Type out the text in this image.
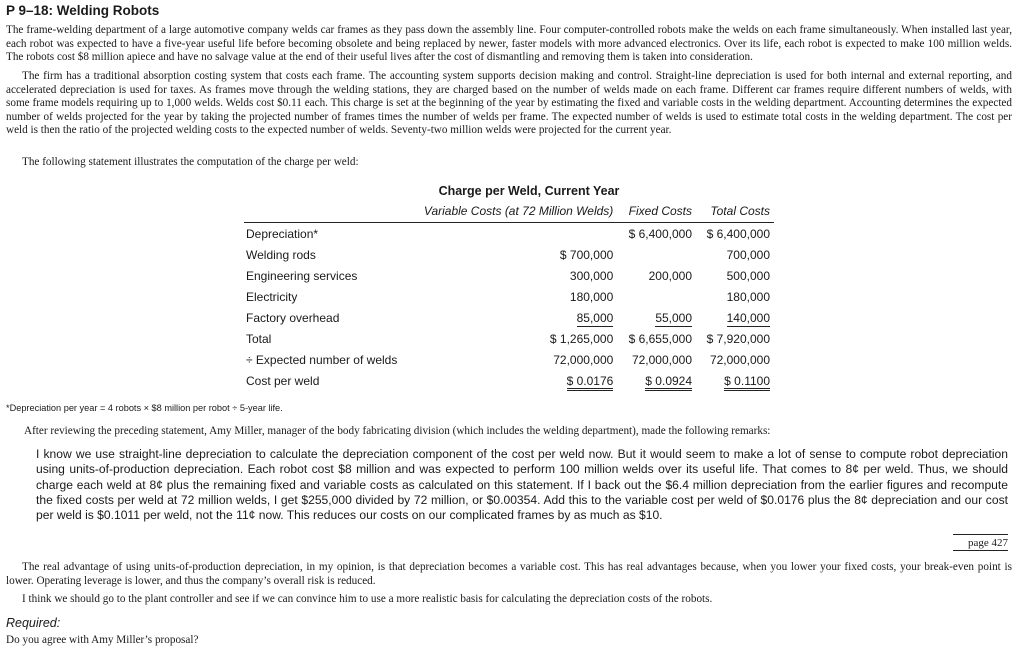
P 9–18: Welding Robots
The frame-welding department of a large automotive company welds car frames as they pass down the assembly line. Four computer-controlled robots make the welds on each frame simultaneously. When installed last year, each robot was expected to have a five-year useful life before becoming obsolete and being replaced by newer, faster models with more advanced electronics. Over its life, each robot is expected to make 100 million welds. The robots cost $8 million apiece and have no salvage value at the end of their useful lives after the cost of dismantling and removing them is taken into consideration.
The firm has a traditional absorption costing system that costs each frame. The accounting system supports decision making and control. Straight-line depreciation is used for both internal and external reporting, and accelerated depreciation is used for taxes. As frames move through the welding stations, they are charged based on the number of welds made on each frame. Different car frames require different numbers of welds, with some frame models requiring up to 1,000 welds. Welds cost $0.11 each. This charge is set at the beginning of the year by estimating the fixed and variable costs in the welding department. Accounting determines the expected number of welds projected for the year by taking the projected number of frames times the number of welds per frame. The expected number of welds is used to estimate total costs in the welding department. The cost per weld is then the ratio of the projected welding costs to the expected number of welds. Seventy-two million welds were projected for the current year.
The following statement illustrates the computation of the charge per weld:
Charge per Weld, Current Year
	Variable Costs (at 72 Million Welds)	Fixed Costs	Total Costs
Depreciation*		$ 6,400,000	$ 6,400,000
Welding rods	$ 700,000		700,000
Engineering services	300,000	200,000	500,000
Electricity	180,000		180,000
Factory overhead	85,000	55,000	140,000
Total	$ 1,265,000	$ 6,655,000	$ 7,920,000
÷ Expected number of welds	72,000,000	72,000,000	72,000,000
Cost per weld	$ 0.0176	$ 0.0924	$ 0.1100
*Depreciation per year = 4 robots × $8 million per robot ÷ 5-year life.
After reviewing the preceding statement, Amy Miller, manager of the body fabricating division (which includes the welding department), made the following remarks:
I know we use straight-line depreciation to calculate the depreciation component of the cost per weld now. But it would seem to make a lot of sense to compute robot depreciation using units-of-production depreciation. Each robot cost $8 million and was expected to perform 100 million welds over its useful life. That comes to 8¢ per weld. Thus, we should charge each weld at 8¢ plus the remaining fixed and variable costs as calculated on this statement. If I back out the $6.4 million depreciation from the earlier figures and recompute the fixed costs per weld at 72 million welds, I get $255,000 divided by 72 million, or $0.00354. Add this to the variable cost per weld of $0.0176 plus the 8¢ depreciation and our cost per weld is $0.1011 per weld, not the 11¢ now. This reduces our costs on our complicated frames by as much as $10.
page 427
The real advantage of using units-of-production depreciation, in my opinion, is that depreciation becomes a variable cost. This has real advantages because, when you lower your fixed costs, your break-even point is lower. Operating leverage is lower, and thus the company’s overall risk is reduced.
I think we should go to the plant controller and see if we can convince him to use a more realistic basis for calculating the depreciation costs of the robots.
Required:
Do you agree with Amy Miller’s proposal?
